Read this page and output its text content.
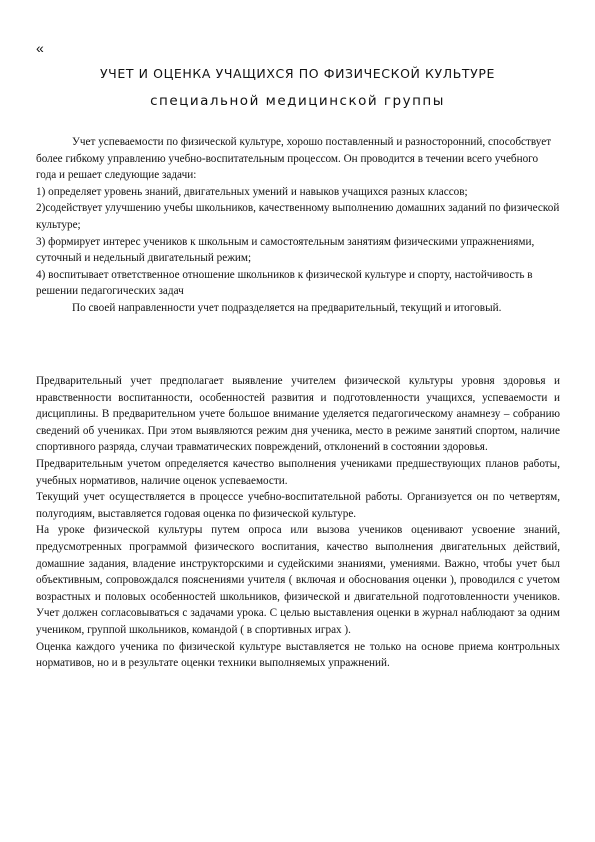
«
УЧЕТ И ОЦЕНКА УЧАЩИХСЯ ПО ФИЗИЧЕСКОЙ КУЛЬТУРЕ
специальной медицинской группы

Учет успеваемости по физической культуре, хорошо поставленный и разносторонний, способствует более гибкому управлению учебно-воспитательным процессом. Он проводится в течении всего учебного года и решает следующие задачи:

1) определяет уровень знаний, двигательных умений и навыков учащихся разных классов;

2)содействует улучшению учебы школьников, качественному выполнению домашних заданий по физической культуре;

3) формирует интерес учеников к школьным и самостоятельным занятиям физическими упражнениями, суточный и недельный двигательный режим;

4) воспитывает ответственное отношение школьников к физической культуре и спорту, настойчивость в решении педагогических задач

По своей направленности учет подразделяется на предварительный, текущий и итоговый.

Предварительный учет предполагает выявление учителем физической культуры уровня здоровья и нравственности воспитанности, особенностей развития и подготовленности учащихся, успеваемости и дисциплины. В предварительном учете большое внимание уделяется педагогическому анамнезу – собранию сведений об учениках. При этом выявляются режим дня ученика, место в режиме занятий спортом, наличие спортивного разряда, случаи травматических повреждений, отклонений в состоянии здоровья.

Предварительным учетом определяется качество выполнения учениками предшествующих планов работы, учебных нормативов, наличие оценок успеваемости.

Текущий учет осуществляется в процессе учебно-воспитательной работы. Организуется он по четвертям, полугодиям, выставляется годовая оценка по физической культуре.

На уроке физической культуры путем опроса или вызова учеников оценивают усвоение знаний, предусмотренных программой физического воспитания, качество выполнения двигательных действий, домашние задания, владение инструкторскими и судейскими знаниями, умениями. Важно, чтобы учет был объективным, сопровождался пояснениями учителя ( включая и обоснования оценки ), проводился с учетом возрастных и половых особенностей школьников, физической и двигательной подготовленности учеников. Учет должен согласовываться с задачами урока. С целью выставления оценки в журнал наблюдают за одним учеником, группой школьников, командой ( в спортивных играх ).

Оценка каждого ученика по физической культуре выставляется не только на основе приема контрольных нормативов, но и в результате оценки техники выполняемых упражнений.
